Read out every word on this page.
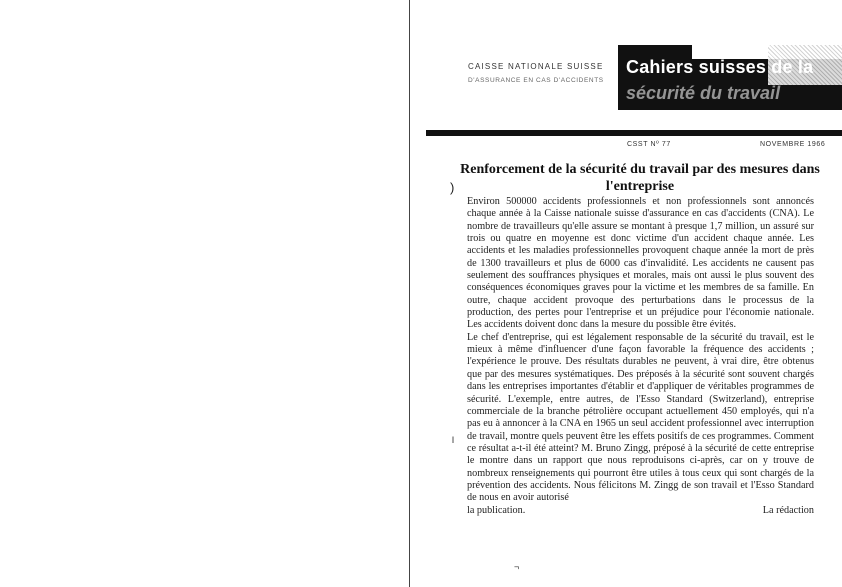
)
l
CAISSE NATIONALE SUISSE
D'ASSURANCE EN CAS D'ACCIDENTS
Cahiers suisses de la
sécurité du travail
CSST Nº 77	NOVEMBRE 1966
Renforcement de la sécurité du travail par des mesures dans l'entreprise

Environ 500000 accidents professionnels et non professionnels sont annoncés chaque année à la Caisse nationale suisse d'assurance en cas d'accidents (CNA). Le nombre de travailleurs qu'elle assure se montant à presque 1,7 million, un assuré sur trois ou quatre en moyenne est donc victime d'un accident chaque année. Les accidents et les maladies professionnelles provoquent chaque année la mort de près de 1300 travailleurs et plus de 6000 cas d'invalidité. Les accidents ne causent pas seulement des souffrances physiques et morales, mais ont aussi le plus souvent des conséquences économiques graves pour la victime et les membres de sa famille. En outre, chaque accident provoque des perturbations dans le processus de la production, des pertes pour l'entreprise et un préjudice pour l'économie nationale. Les accidents doivent donc dans la mesure du possible être évités.

Le chef d'entreprise, qui est légalement responsable de la sécurité du travail, est le mieux à même d'influencer d'une façon favorable la fréquence des accidents ; l'expérience le prouve. Des résultats durables ne peuvent, à vrai dire, être obtenus que par des mesures systématiques. Des préposés à la sécurité sont souvent chargés dans les entreprises importantes d'établir et d'appliquer de véritables programmes de sécurité. L'exemple, entre autres, de l'Esso Standard (Switzerland), entreprise commerciale de la branche pétrolière occupant actuellement 450 employés, qui n'a pas eu à annoncer à la CNA en 1965 un seul accident professionnel avec interruption de travail, montre quels peuvent être les effets positifs de ces programmes. Comment ce résultat a-t-il été atteint? M. Bruno Zingg, préposé à la sécurité de cette entreprise le montre dans un rapport que nous reproduisons ci-après, car on y trouve de nombreux renseignements qui pourront être utiles à tous ceux qui sont chargés de la prévention des accidents. Nous félicitons M. Zingg de son travail et l'Esso Standard de nous en avoir autorisé

la publication.	La rédaction
¬
